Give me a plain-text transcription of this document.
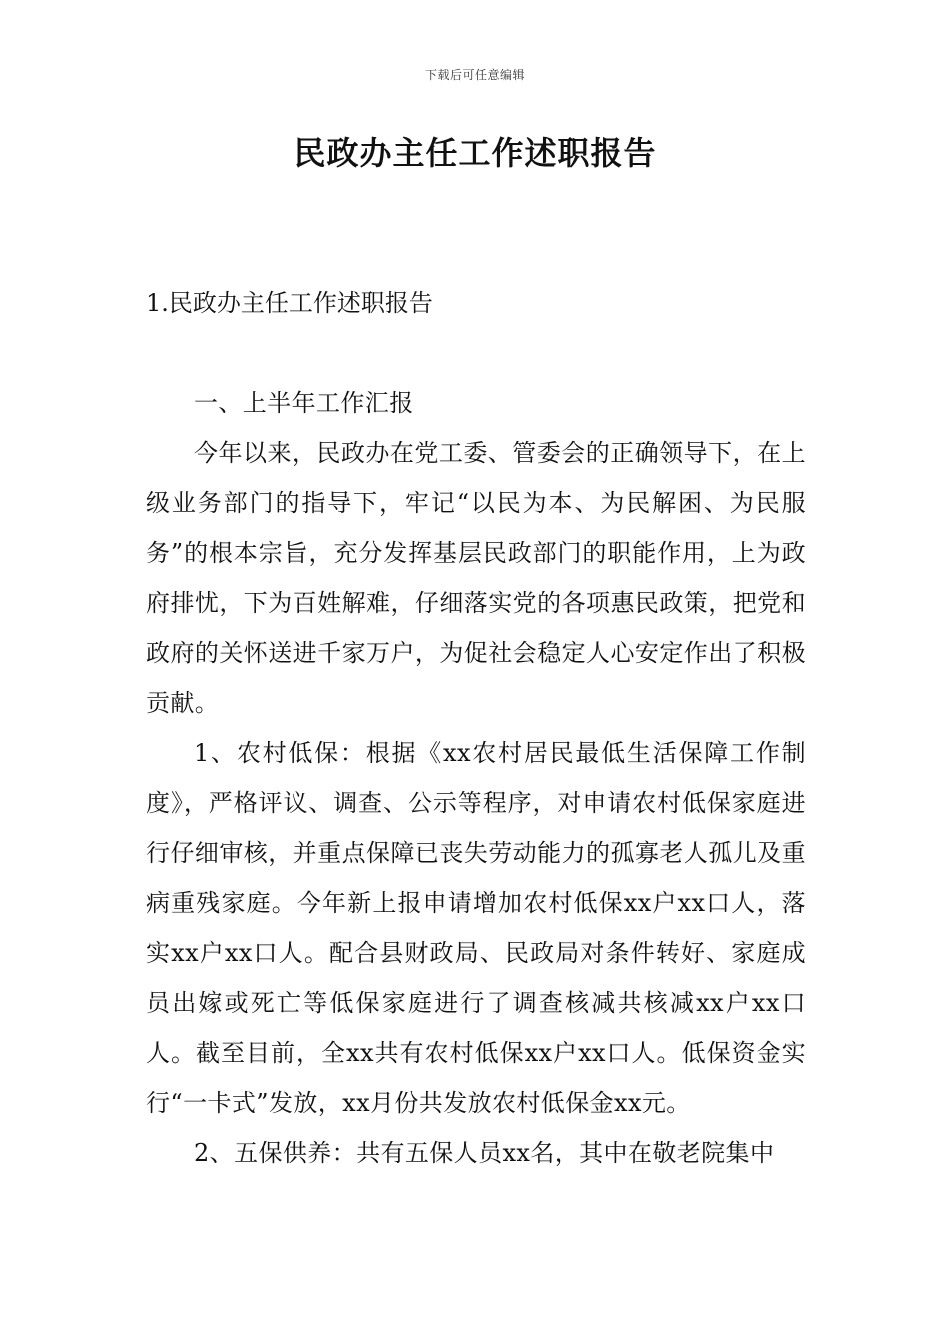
下载后可任意编辑
民政办主任工作述职报告
1.民政办主任工作述职报告

一、上半年工作汇报

今年以来，民政办在党工委、管委会的正确领导下，在上级业务部门的指导下，牢记“以民为本、为民解困、为民服务”的根本宗旨，充分发挥基层民政部门的职能作用，上为政府排忧，下为百姓解难，仔细落实党的各项惠民政策，把党和政府的关怀送进千家万户，为促社会稳定人心安定作出了积极贡献。

1、农村低保：根据《xx农村居民最低生活保障工作制度》，严格评议、调查、公示等程序，对申请农村低保家庭进行仔细审核，并重点保障已丧失劳动能力的孤寡老人孤儿及重病重残家庭。今年新上报申请增加农村低保xx户xx口人，落实xx户xx口人。配合县财政局、民政局对条件转好、家庭成员出嫁或死亡等低保家庭进行了调查核减共核减xx户xx口人。截至目前，全xx共有农村低保xx户xx口人。低保资金实行“一卡式”发放，xx月份共发放农村低保金xx元。

2、五保供养：共有五保人员xx名，其中在敬老院集中
